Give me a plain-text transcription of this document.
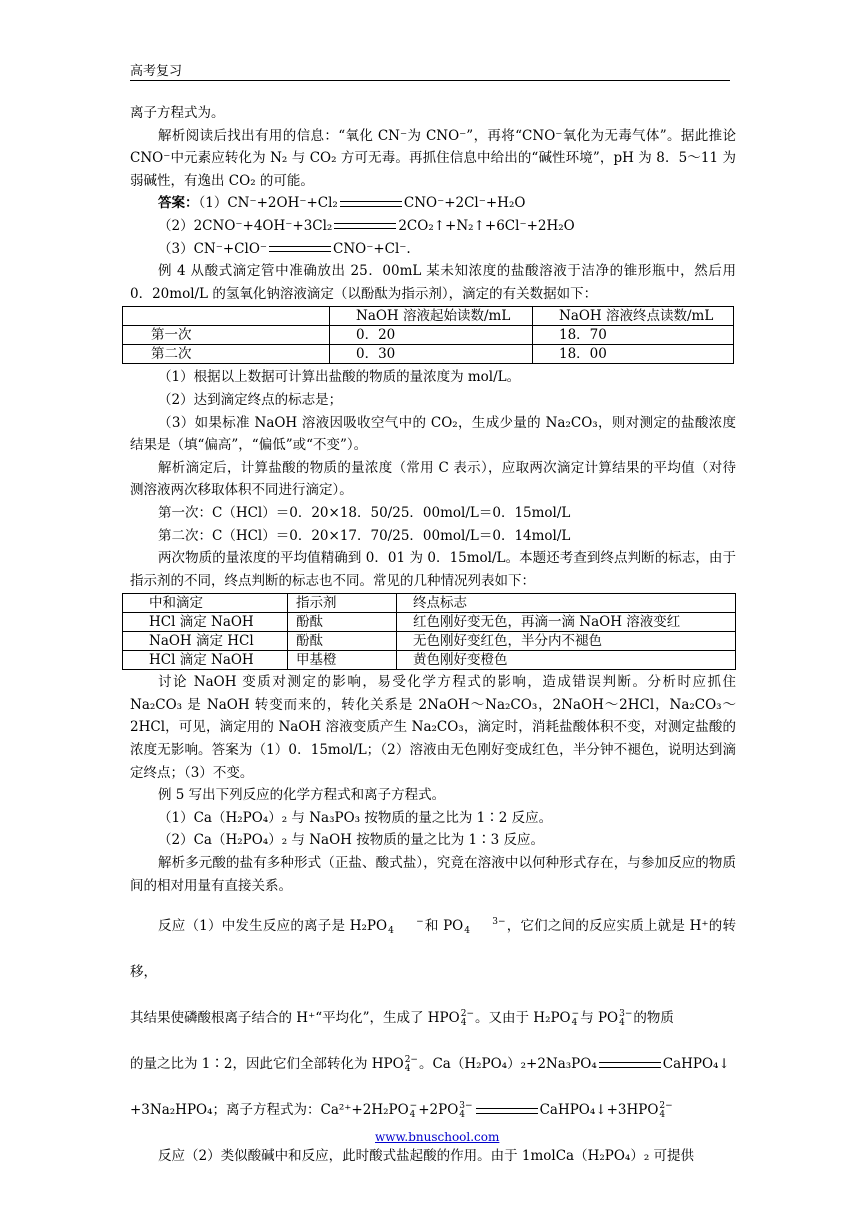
高考复习

离子方程式为。

解析阅读后找出有用的信息：“氧化 CN⁻为 CNO⁻”，再将“CNO⁻氧化为无毒气体”。据此推论 CNO⁻中元素应转化为 N₂ 与 CO₂ 方可无毒。再抓住信息中给出的“碱性环境”，pH 为 8．5～11 为弱碱性，有逸出 CO₂ 的可能。

答案：（1）CN⁻+2OH⁻+Cl₂	CNO⁻+2Cl⁻+H₂O

（2）2CNO⁻+4OH⁻+3Cl₂	2CO₂↑+N₂↑+6Cl⁻+2H₂O

（3）CN⁻+ClO⁻	CNO⁻+Cl⁻.

例 4 从酸式滴定管中准确放出 25．00mL 某未知浓度的盐酸溶液于洁净的锥形瓶中，然后用 0．20mol/L 的氢氧化钠溶液滴定（以酚酞为指示剂），滴定的有关数据如下：

	NaOH 溶液起始读数/mL	NaOH 溶液终点读数/mL
第一次	0．20	18．70
第二次	0．30	18．00

（1）根据以上数据可计算出盐酸的物质的量浓度为 mol/L。

（2）达到滴定终点的标志是；

（3）如果标准 NaOH 溶液因吸收空气中的 CO₂，生成少量的 Na₂CO₃，则对测定的盐酸浓度结果是（填“偏高”，“偏低”或“不变”）。

解析滴定后，计算盐酸的物质的量浓度（常用 C 表示），应取两次滴定计算结果的平均值（对待测溶液两次移取体积不同进行滴定）。

第一次：C（HCl）＝0．20×18．50/25．00mol/L＝0．15mol/L

第二次：C（HCl）＝0．20×17．70/25．00mol/L＝0．14mol/L

两次物质的量浓度的平均值精确到 0．01 为 0．15mol/L。本题还考查到终点判断的标志，由于指示剂的不同，终点判断的标志也不同。常见的几种情况列表如下：

中和滴定	指示剂	终点标志
HCl 滴定 NaOH	酚酞	红色刚好变无色，再滴一滴 NaOH 溶液变红
NaOH 滴定 HCl	酚酞	无色刚好变红色，半分内不褪色
HCl 滴定 NaOH	甲基橙	黄色刚好变橙色

讨论 NaOH 变质对测定的影响，易受化学方程式的影响，造成错误判断。分析时应抓住 Na₂CO₃ 是 NaOH 转变而来的，转化关系是 2NaOH～Na₂CO₃，2NaOH～2HCl，Na₂CO₃～2HCl，可见，滴定用的 NaOH 溶液变质产生 Na₂CO₃，滴定时，消耗盐酸体积不变，对测定盐酸的浓度无影响。答案为（1）0．15mol/L；（2）溶液由无色刚好变成红色，半分钟不褪色，说明达到滴定终点；（3）不变。

例 5 写出下列反应的化学方程式和离子方程式。

（1）Ca（H₂PO₄）₂ 与 Na₃PO₃ 按物质的量之比为 1∶2 反应。

（2）Ca（H₂PO₄）₂ 与 NaOH 按物质的量之比为 1∶3 反应。

解析多元酸的盐有多种形式（正盐、酸式盐），究竟在溶液中以何种形式存在，与参加反应的物质间的相对用量有直接关系。

反应（1）中发生反应的离子是 H₂PO	−
4 和 PO	3−
4	，它们之间的反应实质上就是 H⁺的转移，

其结果使磷酸根离子结合的 H⁺“平均化”，生成了 HPO2−
4 。又由于 H₂PO−
4 与 PO3−
4 的物质

的量之比为 1∶2，因此它们全部转化为 HPO2−
4 。Ca（H₂PO₄）₂+2Na₃PO₄	CaHPO₄↓

+3Na₂HPO₄；离子方程式为：Ca²⁺+2H₂PO−
4 +2PO3−
4	CaHPO₄↓+3HPO2−
4

反应（2）类似酸碱中和反应，此时酸式盐起酸的作用。由于 1molCa（H₂PO₄）₂ 可提供

www.bnuschool.com
